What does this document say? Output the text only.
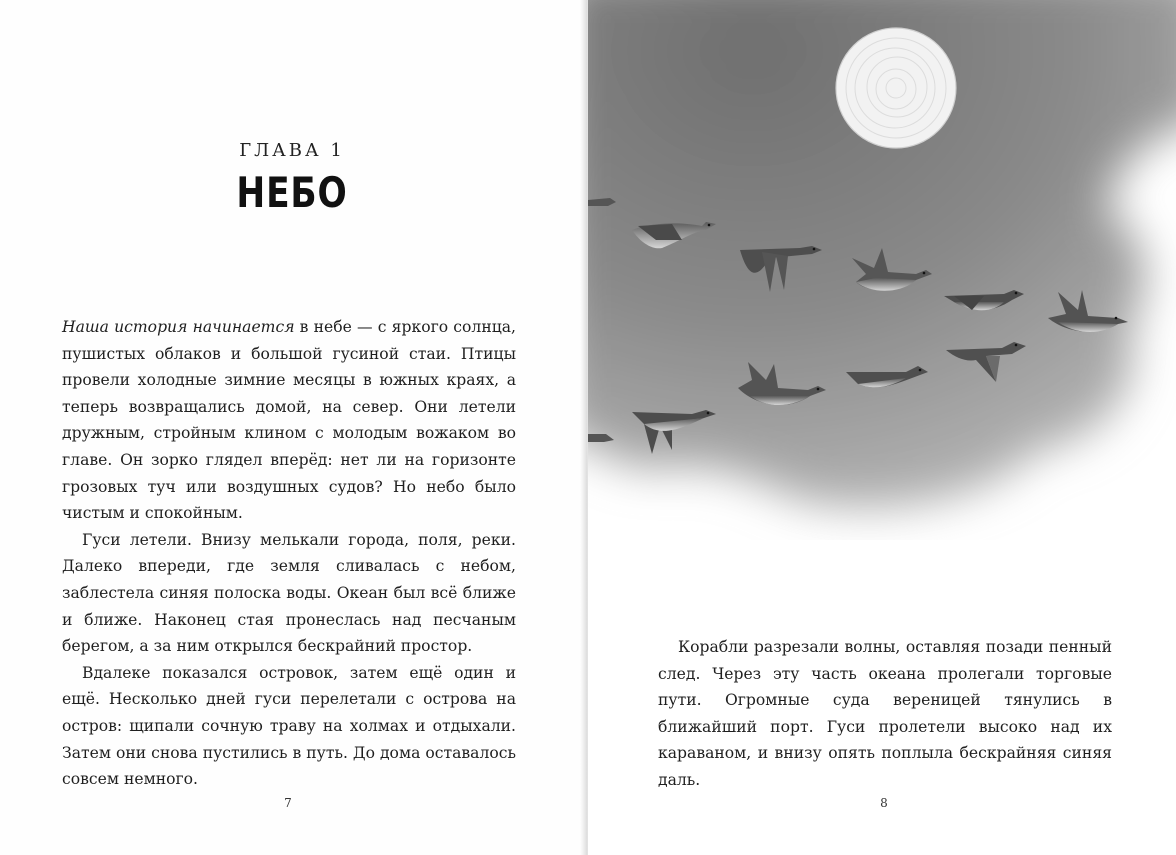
ГЛАВА 1
НЕБО

Наша история начинается в небе — с яркого солнца, пушистых облаков и большой гусиной стаи. Птицы провели холодные зимние месяцы в южных краях, а теперь возвращались домой, на север. Они летели дружным, стройным клином с молодым вожаком во главе. Он зорко глядел вперёд: нет ли на горизонте грозовых туч или воздушных судов? Но небо было чистым и спокойным.

Гуси летели. Внизу мелькали города, поля, реки. Далеко впереди, где земля сливалась с небом, заблестела синяя полоска воды. Океан был всё ближе и ближе. Наконец стая пронеслась над песчаным берегом, а за ним открылся бескрайний простор.

Вдалеке показался островок, затем ещё один и ещё. Несколько дней гуси перелетали с острова на остров: щипали сочную траву на холмах и отдыхали. Затем они снова пустились в путь. До дома оставалось совсем немного.

7	8

Корабли разрезали волны, оставляя позади пенный след. Через эту часть океана пролегали торговые пути. Огромные суда вереницей тянулись в ближайший порт. Гуси пролетели высоко над их караваном, и внизу опять поплыла бескрайняя синяя даль.
